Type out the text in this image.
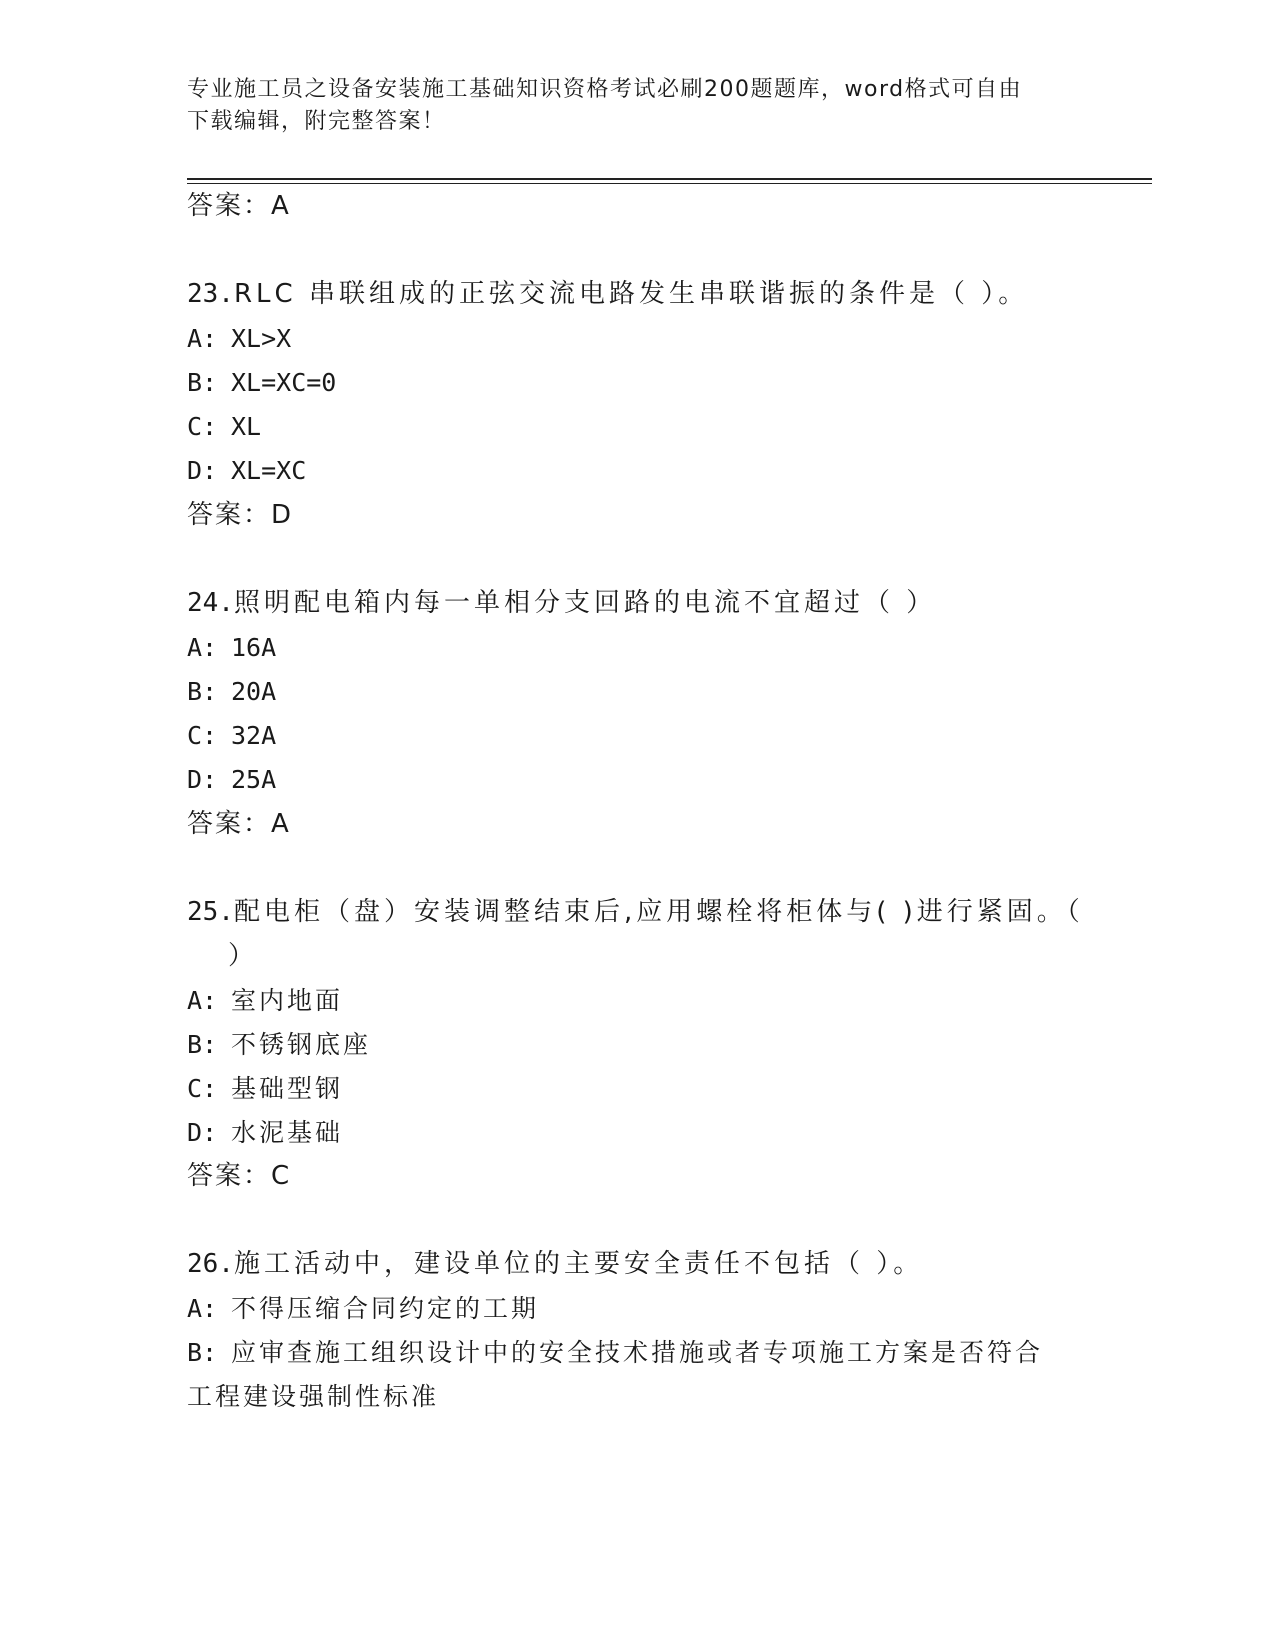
专业施工员之设备安装施工基础知识资格考试必刷200题题库，word格式可自由
下载编辑，附完整答案！
答案：A
23.RLC 串联组成的正弦交流电路发生串联谐振的条件是（ ）。
A: XL>X
B: XL=XC=0
C: XL
D: XL=XC
答案：D
24.照明配电箱内每一单相分支回路的电流不宜超过（ ）
A: 16A
B: 20A
C: 32A
D: 25A
答案：A
25.配电柜（盘）安装调整结束后,应用螺栓将柜体与( )进行紧固。（
）
A: 室内地面
B: 不锈钢底座
C: 基础型钢
D: 水泥基础
答案：C
26.施工活动中，建设单位的主要安全责任不包括（ ）。
A: 不得压缩合同约定的工期
B: 应审查施工组织设计中的安全技术措施或者专项施工方案是否符合
工程建设强制性标准
